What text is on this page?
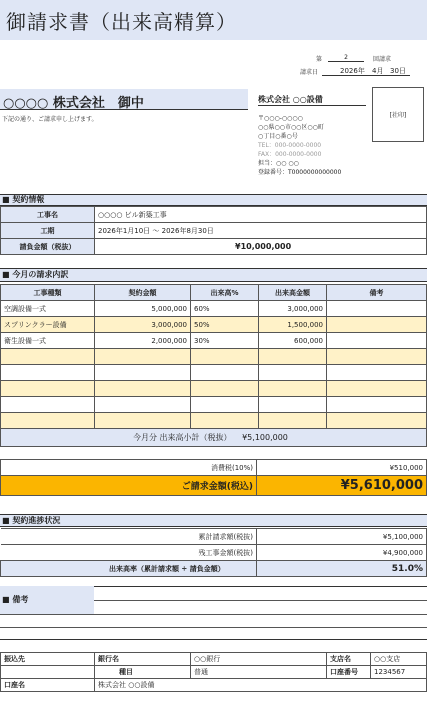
御請求書（出来高精算）
第	2	回請求
請求日	2026年 4月 30日
○○○○ 株式会社　御中
下記の通り、ご請求申し上げます。
株式会社 ○○設備
〒○○○-○○○○
○○県○○市○○区○○町
○丁目○番○号
TEL：000-0000-0000
FAX：000-0000-0000
担当：○○ ○○
登録番号：T0000000000000
[社印]
■ 契約情報
工事名	○○○○ ビル新築工事
工期	2026年1月10日 ～ 2026年8月30日
請負金額（税抜）	¥10,000,000
■ 今月の請求内訳
工事種類	契約金額	出来高%	出来高金額	備考
空調設備一式	5,000,000	60%	3,000,000	
スプリンクラー設備	3,000,000	50%	1,500,000	
衛生設備一式	2,000,000	30%	600,000	

今月分 出来高小計（税抜） ¥5,100,000				
消費税(10%)	¥510,000
ご請求金額(税込)	¥5,610,000
■ 契約進捗状況
累計請求額(税抜)	¥5,100,000
残工事金額(税抜)	¥4,900,000
出来高率（累計請求額 ÷ 請負金額）	51.0%
■ 備考
振込先	銀行名	○○銀行	支店名	○○支店
	種目	普通	口座番号	1234567
口座名	株式会社 ○○設備			
